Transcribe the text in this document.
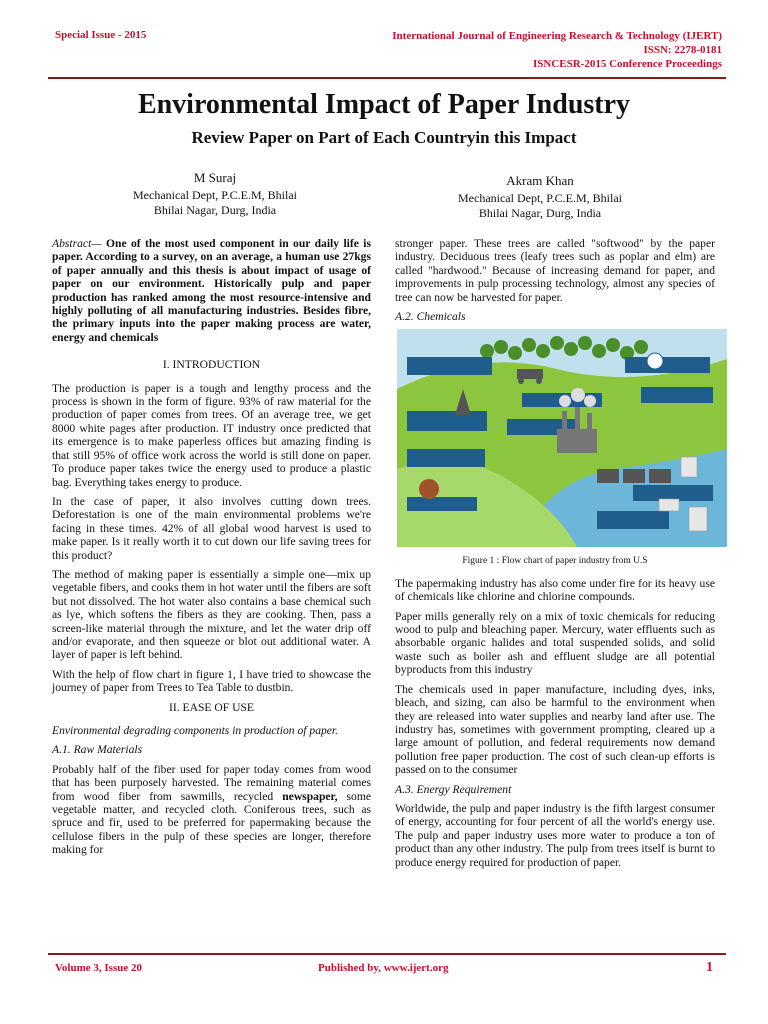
Special Issue - 2015	International Journal of Engineering Research & Technology (IJERT)
ISSN: 2278-0181
ISNCESR-2015 Conference Proceedings
Environmental Impact of Paper Industry
Review Paper on Part of Each Countryin this Impact
M Suraj
Mechanical Dept, P.C.E.M, Bhilai
Bhilai Nagar, Durg, India
Akram Khan
Mechanical Dept, P.C.E.M, Bhilai
Bhilai Nagar, Durg, India

Abstract— One of the most used component in our daily life is paper. According to a survey, on an average, a human use 27kgs of paper annually and this thesis is about impact of usage of paper on our environment. Historically pulp and paper production has ranked among the most resource-intensive and highly polluting of all manufacturing industries. Besides fibre, the primary inputs into the paper making process are water, energy and chemicals

I. INTRODUCTION

The production is paper is a tough and lengthy process and the process is shown in the form of figure. 93% of raw material for the production of paper comes from trees. Of an average tree, we get 8000 white pages after production. IT industry once predicted that its emergence is to make paperless offices but amazing finding is that still 95% of office work across the world is still done on paper. To produce paper takes twice the energy used to produce a plastic bag. Everything takes energy to produce.

In the case of paper, it also involves cutting down trees. Deforestation is one of the main environmental problems we're facing in these times. 42% of all global wood harvest is used to make paper. Is it really worth it to cut down our life saving trees for this product?

The method of making paper is essentially a simple one—mix up vegetable fibers, and cooks them in hot water until the fibers are soft but not dissolved. The hot water also contains a base chemical such as lye, which softens the fibers as they are cooking. Then, pass a screen-like material through the mixture, and let the water drip off and/or evaporate, and then squeeze or blot out additional water. A layer of paper is left behind.

With the help of flow chart in figure 1, I have tried to showcase the journey of paper from Trees to Tea Table to dustbin.

II. EASE OF USE

Environmental degrading components in production of paper.

A.1. Raw Materials

Probably half of the fiber used for paper today comes from wood that has been purposely harvested. The remaining material comes from wood fiber from sawmills, recycled newspaper, some vegetable matter, and recycled cloth. Coniferous trees, such as spruce and fir, used to be preferred for papermaking because the cellulose fibers in the pulp of these species are longer, therefore making for

stronger paper. These trees are called "softwood" by the paper industry. Deciduous trees (leafy trees such as poplar and elm) are called "hardwood." Because of increasing demand for paper, and improvements in pulp processing technology, almost any species of tree can now be harvested for paper.

A.2. Chemicals

Figure 1 : Flow chart of paper industry from U.S

The papermaking industry has also come under fire for its heavy use of chemicals like chlorine and chlorine compounds.

Paper mills generally rely on a mix of toxic chemicals for reducing wood to pulp and bleaching paper. Mercury, water effluents such as absorbable organic halides and total suspended solids, and solid waste such as boiler ash and effluent sludge are all potential byproducts from this industry

The chemicals used in paper manufacture, including dyes, inks, bleach, and sizing, can also be harmful to the environment when they are released into water supplies and nearby land after use. The industry has, sometimes with government prompting, cleared up a large amount of pollution, and federal requirements now demand pollution free paper production. The cost of such clean-up efforts is passed on to the consumer

A.3. Energy Requirement

Worldwide, the pulp and paper industry is the fifth largest consumer of energy, accounting for four percent of all the world's energy use. The pulp and paper industry uses more water to produce a ton of product than any other industry. The pulp from trees itself is burnt to produce energy required for production of paper.

Volume 3, Issue 20	Published by, www.ijert.org	1
